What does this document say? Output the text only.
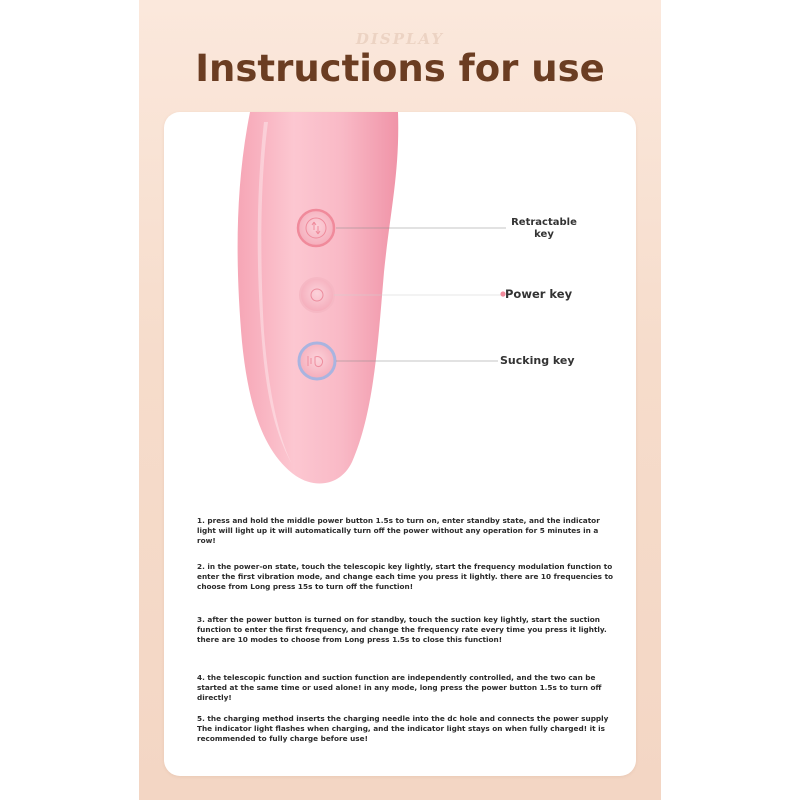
DISPLAY
Instructions for use
Retractable key
Power key
Sucking key
1. press and hold the middle power button 1.5s to turn on, enter standby state, and the indicator light will light up it will automatically turn off the power without any operation for 5 minutes in a row!
2. in the power-on state, touch the telescopic key lightly, start the frequency modulation function to enter the first vibration mode, and change each time you press it lightly. there are 10 frequencies to choose from Long press 15s to turn off the function!
3. after the power button is turned on for standby, touch the suction key lightly, start the suction function to enter the first frequency, and change the frequency rate every time you press it lightly. there are 10 modes to choose from Long press 1.5s to close this function!
4. the telescopic function and suction function are independently controlled, and the two can be started at the same time or used alone! in any mode, long press the power button 1.5s to turn off directly!
5. the charging method inserts the charging needle into the dc hole and connects the power supply The indicator light flashes when charging, and the indicator light stays on when fully charged! it is recommended to fully charge before use!
